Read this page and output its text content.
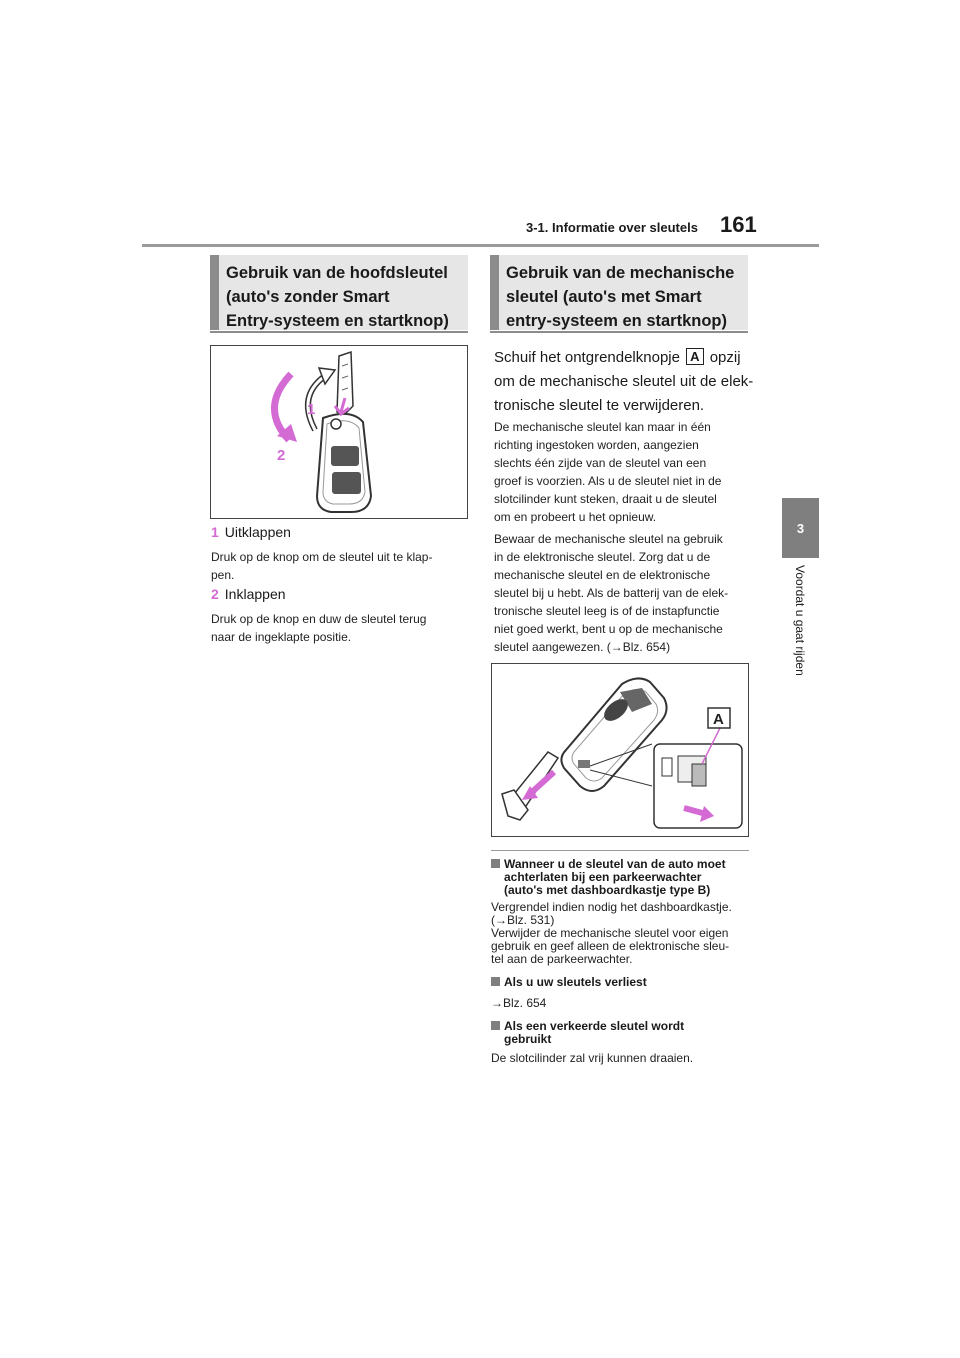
3-1. Informatie over sleutels 161
3
Voordat u gaat rijden
Gebruik van de hoofdsleutel
(auto's zonder Smart
Entry-systeem en startknop)
1
2
1 Uitklappen
Druk op de knop om de sleutel uit te klap-
pen.
2 Inklappen
Druk op de knop en duw de sleutel terug
naar de ingeklapte positie.
Gebruik van de mechanische
sleutel (auto's met Smart
entry-systeem en startknop)
Schuif het ontgrendelknopje A opzij
om de mechanische sleutel uit de elek-
tronische sleutel te verwijderen.
De mechanische sleutel kan maar in één
richting ingestoken worden, aangezien
slechts één zijde van de sleutel van een
groef is voorzien. Als u de sleutel niet in de
slotcilinder kunt steken, draait u de sleutel
om en probeert u het opnieuw.
Bewaar de mechanische sleutel na gebruik
in de elektronische sleutel. Zorg dat u de
mechanische sleutel en de elektronische
sleutel bij u hebt. Als de batterij van de elek-
tronische sleutel leeg is of de instapfunctie
niet goed werkt, bent u op de mechanische
sleutel aangewezen. (→Blz. 654)
A
Wanneer u de sleutel van de auto moet
achterlaten bij een parkeerwachter
(auto's met dashboardkastje type B)
Vergrendel indien nodig het dashboardkastje.
(→Blz. 531)
Verwijder de mechanische sleutel voor eigen
gebruik en geef alleen de elektronische sleu-
tel aan de parkeerwachter.
Als u uw sleutels verliest
→Blz. 654
Als een verkeerde sleutel wordt
gebruikt
De slotcilinder zal vrij kunnen draaien.
